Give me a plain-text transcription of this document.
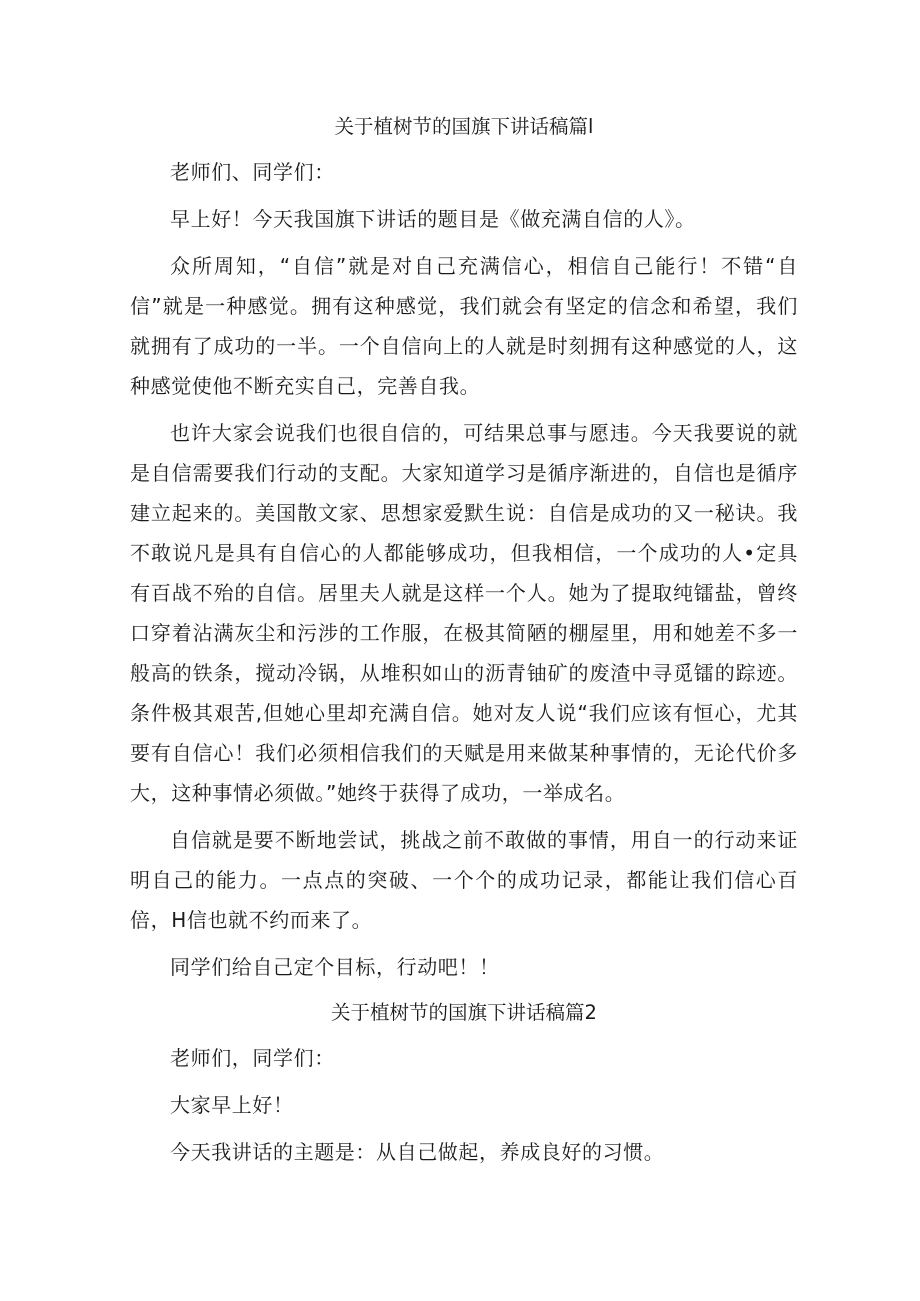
关于植树节的国旗下讲话稿篇l

老师们、同学们：

早上好！今天我国旗下讲话的题目是《做充满自信的人》。

众所周知，“自信”就是对自己充满信心，相信自己能行！不错“自信”就是一种感觉。拥有这种感觉，我们就会有坚定的信念和希望，我们就拥有了成功的一半。一个自信向上的人就是时刻拥有这种感觉的人，这种感觉使他不断充实自己，完善自我。

也许大家会说我们也很自信的，可结果总事与愿违。今天我要说的就是自信需要我们行动的支配。大家知道学习是循序渐进的，自信也是循序建立起来的。美国散文家、思想家爱默生说：自信是成功的又一秘诀。我不敢说凡是具有自信心的人都能够成功，但我相信，一个成功的人•定具有百战不殆的自信。居里夫人就是这样一个人。她为了提取纯镭盐，曾终口穿着沾满灰尘和污涉的工作服，在极其简陋的棚屋里，用和她差不多一般高的铁条，搅动冷锅，从堆积如山的沥青铀矿的废渣中寻觅镭的踪迹。条件极其艰苦,但她心里却充满自信。她对友人说“我们应该有恒心，尤其要有自信心！我们必须相信我们的天赋是用来做某种事情的，无论代价多大，这种事情必须做。”她终于获得了成功，一举成名。

自信就是要不断地尝试，挑战之前不敢做的事情，用自一的行动来证明自己的能力。一点点的突破、一个个的成功记录，都能让我们信心百倍，H信也就不约而来了。

同学们给自己定个目标，行动吧！！

关于植树节的国旗下讲话稿篇2

老师们，同学们：

大家早上好！

今天我讲话的主题是：从自己做起，养成良好的习惯。
